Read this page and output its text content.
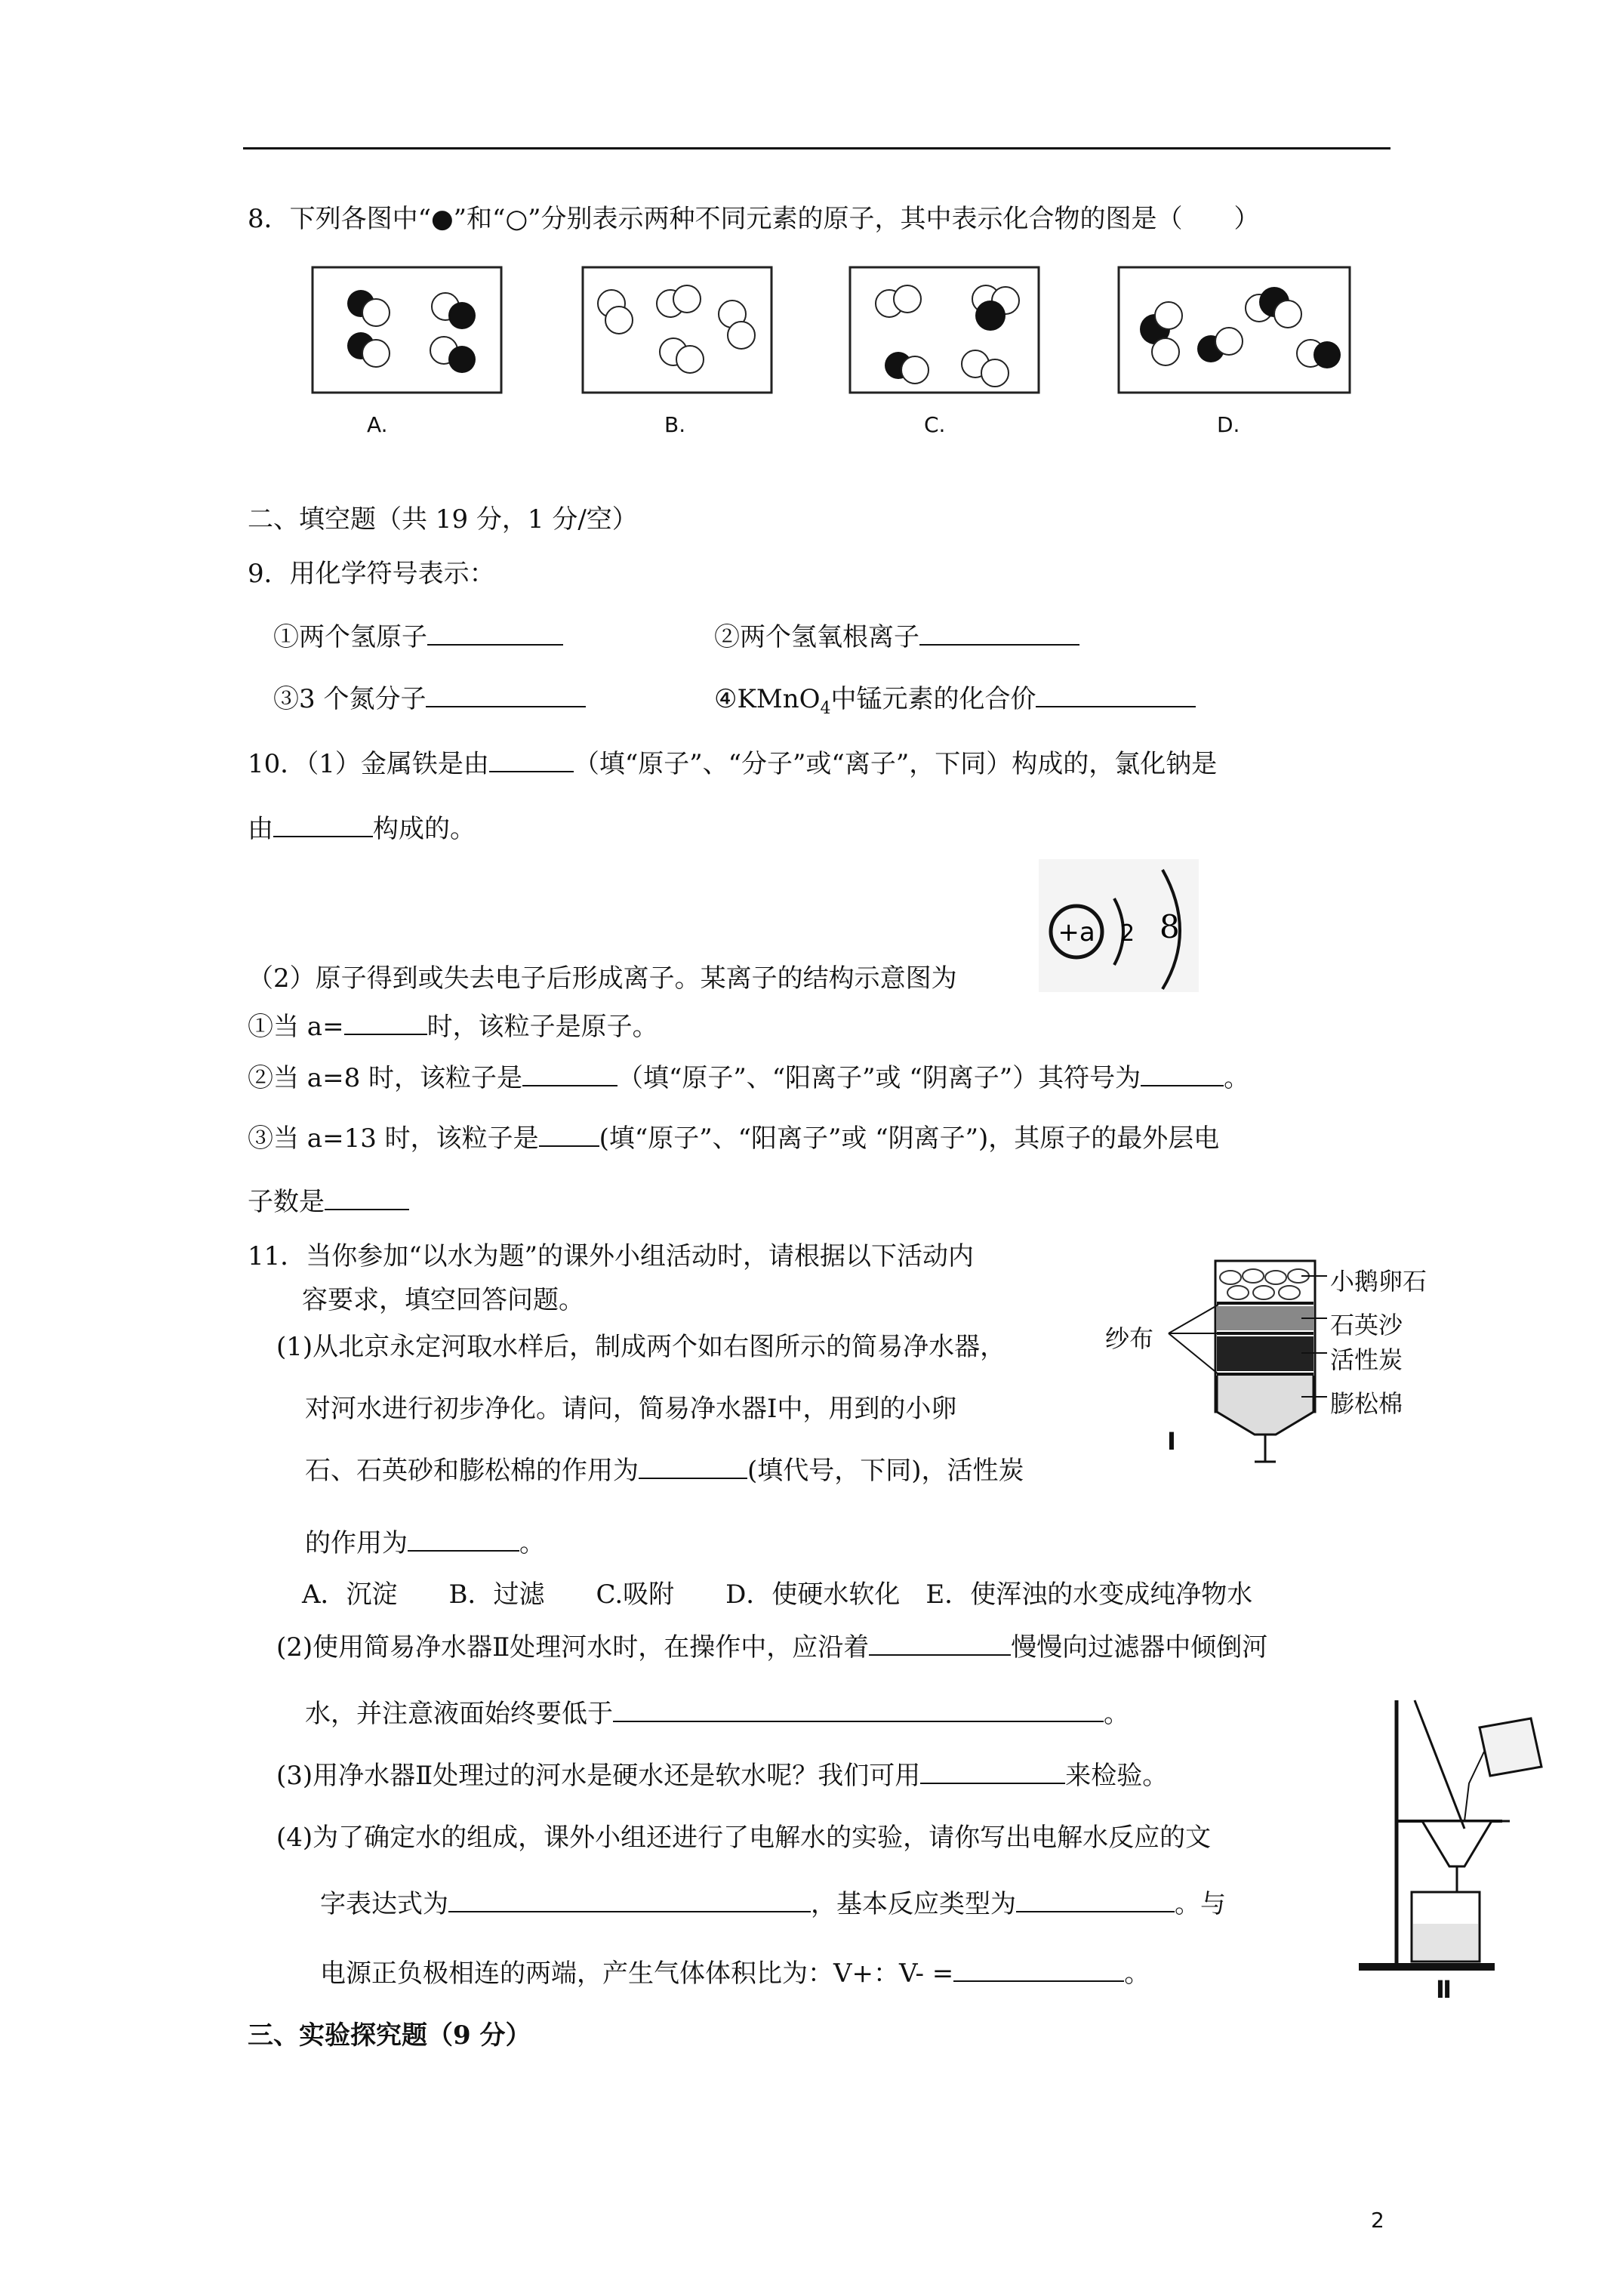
8．下列各图中“●”和“○”分别表示两种不同元素的原子，其中表示化合物的图是（　　）
A.	B.	C.	D.
二、填空题（共 19 分，1 分/空）
9．用化学符号表示：
①两个氢原子	②两个氢氧根离子
③3 个氮分子	④KMnO$_4$中锰元素的化合价
10．（1）金属铁是由	（填“原子”、“分子”或“离子”，下同）构成的，氯化钠是
由	构成的。
+a 2 8
（2）原子得到或失去电子后形成离子。某离子的结构示意图为
①当 a=	时，该粒子是原子。
②当 a=8 时，该粒子是	（填“原子”、“阳离子”或 “阴离子”）其符号为	。
③当 a=13 时，该粒子是 (填“原子”、“阳离子”或 “阴离子”)，其原子的最外层电
子数是
11．当你参加“以水为题”的课外小组活动时，请根据以下活动内
容要求，填空回答问题。
(1)从北京永定河取水样后，制成两个如右图所示的简易净水器，
对河水进行初步净化。请问，简易净水器Ⅰ中，用到的小卵
石、石英砂和膨松棉的作用为	(填代号，下同)，活性炭
的作用为	。
A．沉淀　　B．过滤　　C.吸附　　D．使硬水软化　E．使浑浊的水变成纯净物水
(2)使用简易净水器Ⅱ处理河水时，在操作中，应沿着	慢慢向过滤器中倾倒河
水，并注意液面始终要低于	。
(3)用净水器Ⅱ处理过的河水是硬水还是软水呢？我们可用	来检验。
(4)为了确定水的组成，课外小组还进行了电解水的实验，请你写出电解水反应的文
字表达式为	，基本反应类型为	。与
电源正负极相连的两端，产生气体体积比为：V+：V- =	。
小鹅卵石
纱布	石英沙
活性炭
膨松棉
Ⅰ
Ⅱ
三、实验探究题（9 分）
2
